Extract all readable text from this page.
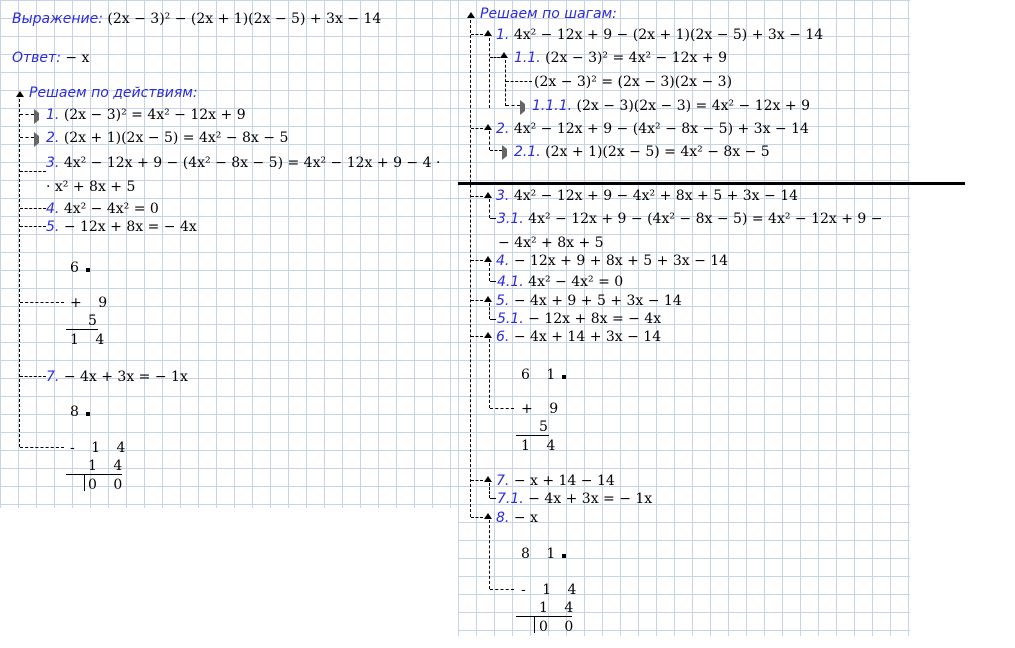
Выражение: (2x − 3)² − (2x + 1)(2x − 5) + 3x − 14
Ответ: − x
Решаем по действиям:
1. (2x − 3)² = 4x² − 12x + 9
2. (2x + 1)(2x − 5) = 4x² − 8x − 5
3. 4x² − 12x + 9 − (4x² − 8x − 5) = 4x² − 12x + 9 − 4 ·
· x² + 8x + 5
4. 4x² − 4x² = 0
5. − 12x + 8x = − 4x
6
+ 9
5
1 4
7. − 4x + 3x = − 1x
8
- 1 4
1 4
0 0
Решаем по шагам:
1. 4x² − 12x + 9 − (2x + 1)(2x − 5) + 3x − 14
1.1. (2x − 3)² = 4x² − 12x + 9
(2x − 3)² = (2x − 3)(2x − 3)
1.1.1. (2x − 3)(2x − 3) = 4x² − 12x + 9
2. 4x² − 12x + 9 − (4x² − 8x − 5) + 3x − 14
2.1. (2x + 1)(2x − 5) = 4x² − 8x − 5
3. 4x² − 12x + 9 − 4x² + 8x + 5 + 3x − 14
3.1. 4x² − 12x + 9 − (4x² − 8x − 5) = 4x² − 12x + 9 −
− 4x² + 8x + 5
4. − 12x + 9 + 8x + 5 + 3x − 14
4.1. 4x² − 4x² = 0
5. − 4x + 9 + 5 + 3x − 14
5.1. − 12x + 8x = − 4x
6. − 4x + 14 + 3x − 14
6 1
+ 9
5
1 4
7. − x + 14 − 14
7.1. − 4x + 3x = − 1x
8. − x
8 1
- 1 4
1 4
0 0
